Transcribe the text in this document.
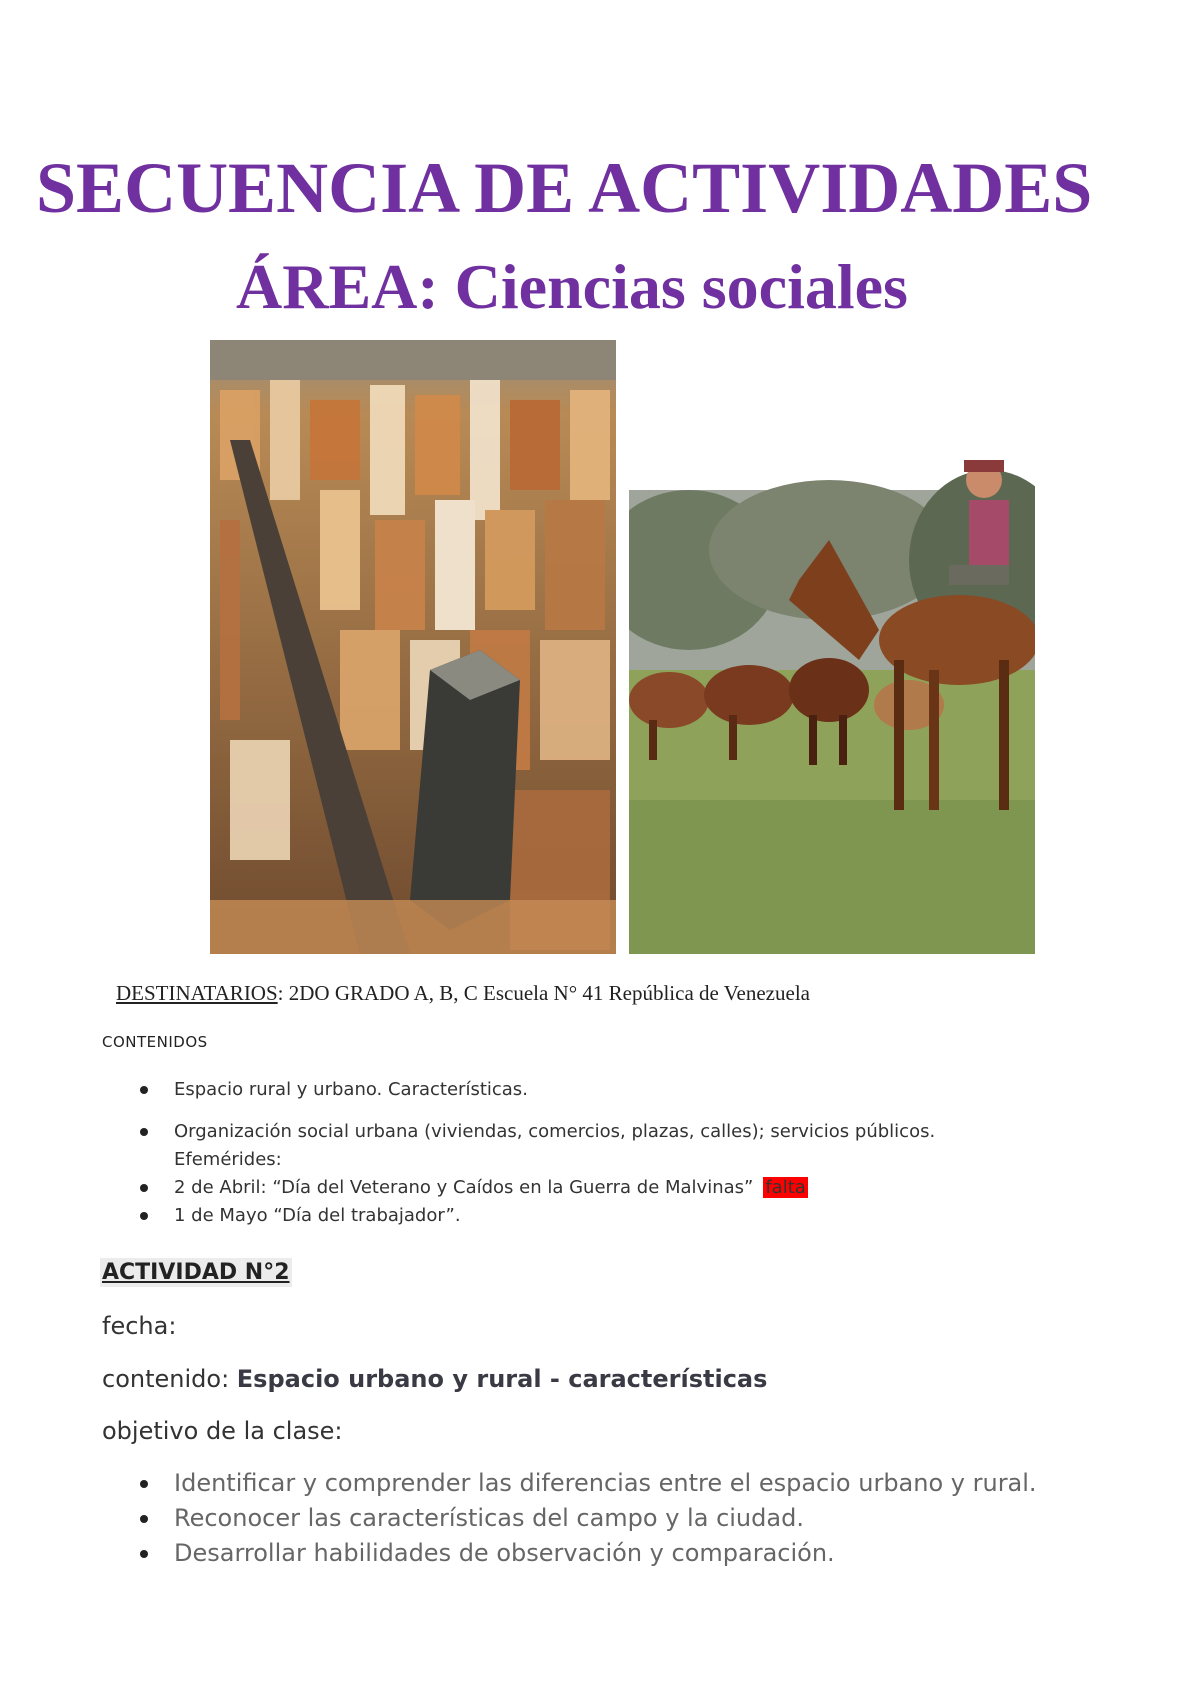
SECUENCIA DE ACTIVIDADES
ÁREA: Ciencias sociales
DESTINATARIOS: 2DO GRADO A, B, C Escuela N° 41 República de Venezuela
CONTENIDOS
Espacio rural y urbano. Características.
Organización social urbana (viviendas, comercios, plazas, calles); servicios públicos.
Efemérides:
2 de Abril: “Día del Veterano y Caídos en la Guerra de Malvinas” falta
1 de Mayo “Día del trabajador”.
ACTIVIDAD N°2
fecha:
contenido: Espacio urbano y rural - características
objetivo de la clase:
Identificar y comprender las diferencias entre el espacio urbano y rural.
Reconocer las características del campo y la ciudad.
Desarrollar habilidades de observación y comparación.
